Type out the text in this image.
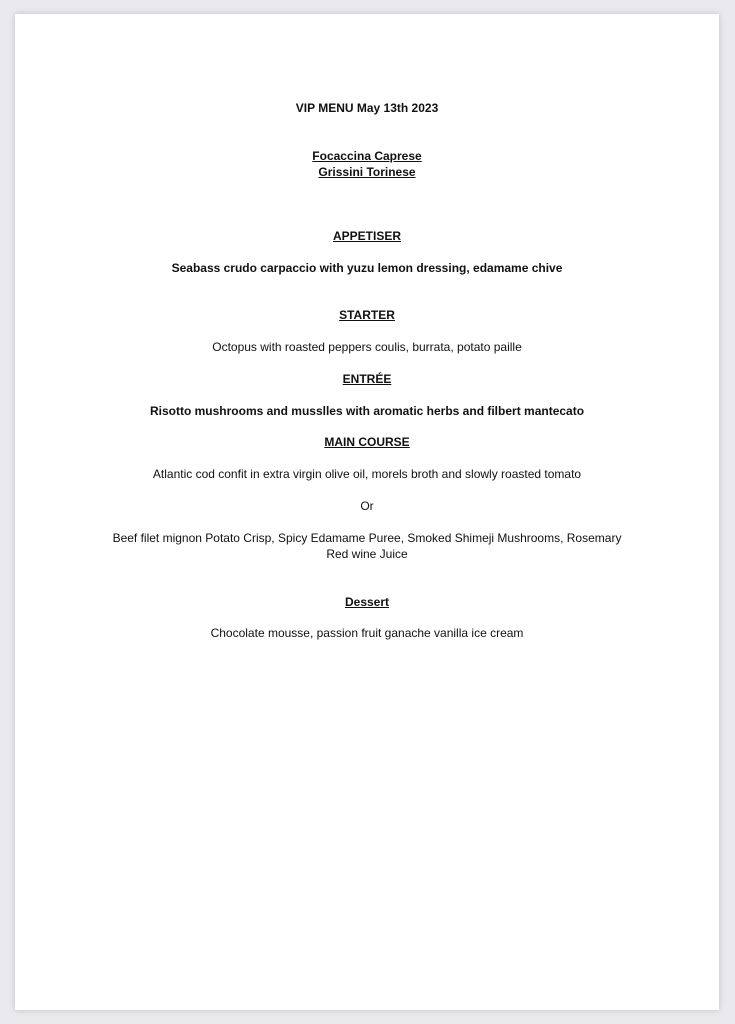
VIP MENU May 13th 2023
Focaccina Caprese
Grissini Torinese
APPETISER
Seabass crudo carpaccio with yuzu lemon dressing, edamame chive
STARTER
Octopus with roasted peppers coulis, burrata, potato paille
ENTRÉE
Risotto mushrooms and musslles with aromatic herbs and filbert mantecato
MAIN COURSE
Atlantic cod confit in extra virgin olive oil, morels broth and slowly roasted tomato
Or
Beef filet mignon Potato Crisp, Spicy Edamame Puree, Smoked Shimeji Mushrooms, Rosemary Red wine Juice
Dessert
Chocolate mousse, passion fruit ganache vanilla ice cream
